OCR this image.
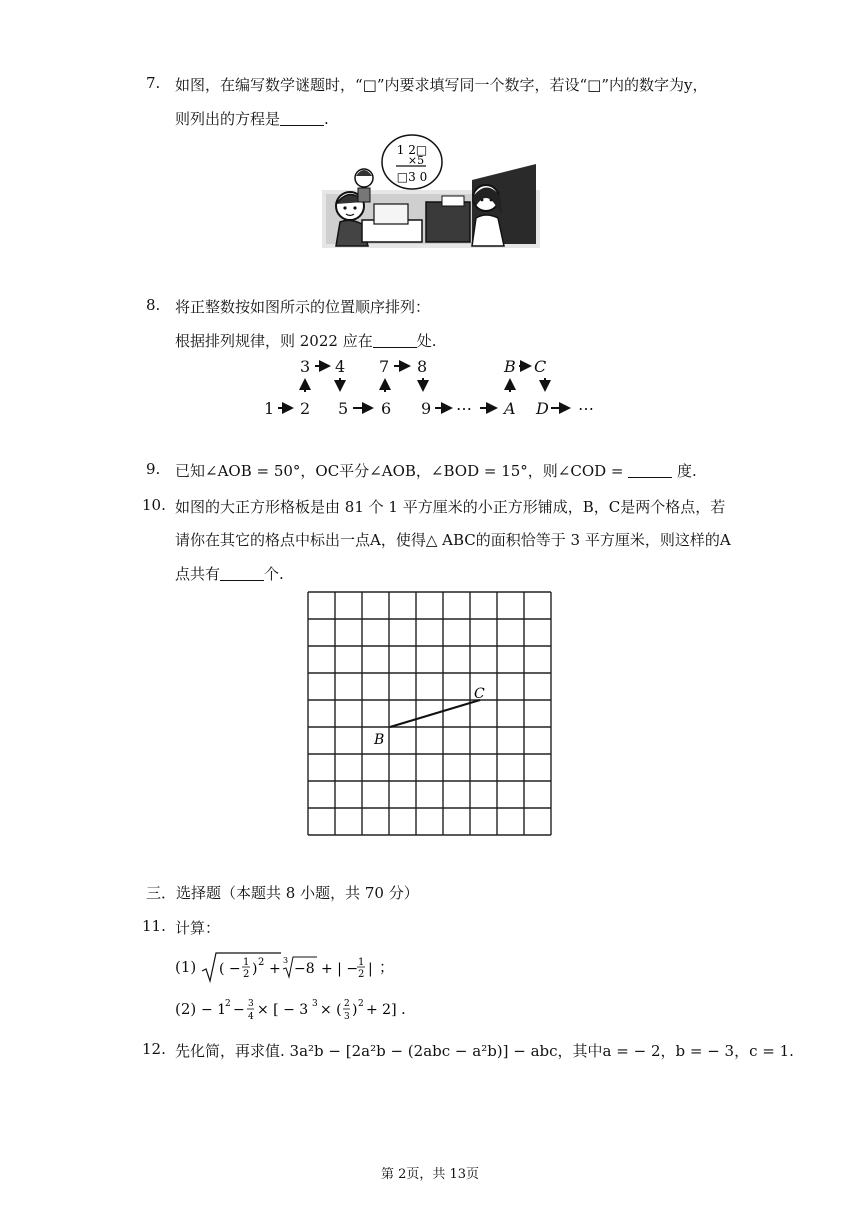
7. 如图，在编写数学谜题时，“□”内要求填写同一个数字，若设“□”内的数字为y，
则列出的方程是	.
1 2□
×5
□3 0
8. 将正整数按如图所示的位置顺序排列：
根据排列规律，则 2022 应在	处.
3 4 7 8	B C
1 2 5 6 9 ⋯ A D ⋯
9. 已知∠AOB = 50°，OC平分∠AOB，∠BOD = 15°，则∠COD =	度.
10. 如图的大正方形格板是由 81 个 1 平方厘米的小正方形铺成，B，C是两个格点，若
请你在其它的格点中标出一点A，使得△ ABC的面积恰等于 3 平方厘米，则这样的A
点共有	个.
B
C
三．选择题（本题共 8 小题，共 70 分）
11. 计算：
(1) ( − 1
2 ) 2 +
3
−8 + | − 1
2 | ；
(2) − 1
2 − 3
4 × [ − 3 3 × ( 2
3 ) 2 + 2] .
12. 先化简，再求值. 3a²b − [2a²b − (2abc − a²b)] − abc，其中a = − 2，b = − 3，c = 1.
第 2页，共 13页
